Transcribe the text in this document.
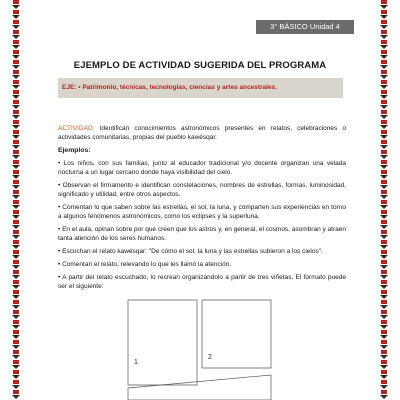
3° BÁSICO Unidad 4
EJEMPLO DE ACTIVIDAD SUGERIDA DEL PROGRAMA
EJE: • Patrimonio, técnicas, tecnologías, ciencias y artes ancestrales.

ACTIVIDAD: Identifican conocimientos astronómicos presentes en relatos, celebraciones o actividades comunitarias, propias del pueblo kawésqar.

Ejemplos:

• Los niños, con sus familias, junto al educador tradicional y/o docente organizan una velada nocturna a un lugar cercano donde haya visibilidad del cielo.

• Observan el firmamento e identifican constelaciones, nombres de estrellas, formas, luminosidad, significado y utilidad, entre otros aspectos.

• Comentan lo que saben sobre las estrellas, el sol, la luna, y comparten sus experiencias en torno a algunos fenómenos astronómicos, como los eclipses y la superluna.

• En el aula, opinan sobre por qué creen que los astros y, en general, el cosmos, asombran y atraen tanta atención de los seres humanos.

• Escuchan el relato kawésqar: "De cómo el sol, la luna y las estrellas subieron a los cielos".

• Comentan el relato, relevando lo que les llamó la atención.

• A partir del relato escuchado, lo recrean organizándolo a partir de tres viñetas. El formato puede ser el siguiente:

1
2
